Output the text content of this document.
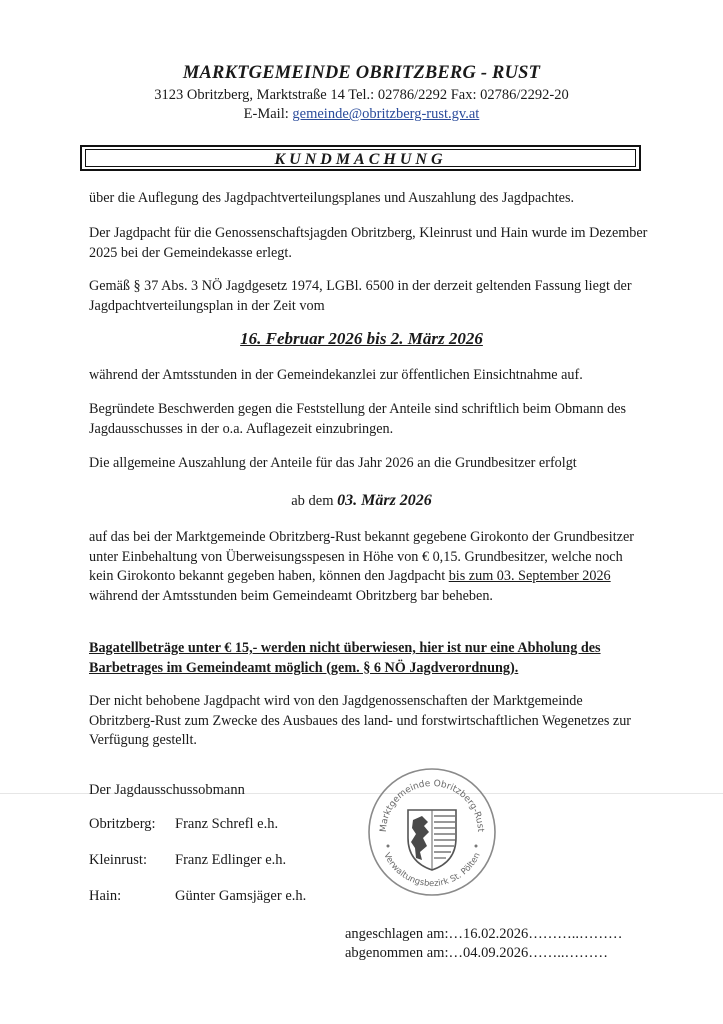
MARKTGEMEINDE OBRITZBERG - RUST
3123 Obritzberg, Marktstraße 14 Tel.: 02786/2292 Fax: 02786/2292-20
E-Mail: gemeinde@obritzberg-rust.gv.at
KUNDMACHUNG
über die Auflegung des Jagdpachtverteilungsplanes und Auszahlung des Jagdpachtes.
Der Jagdpacht für die Genossenschaftsjagden Obritzberg, Kleinrust und Hain wurde im Dezember 2025 bei der Gemeindekasse erlegt.
Gemäß § 37 Abs. 3 NÖ Jagdgesetz 1974, LGBl. 6500 in der derzeit geltenden Fassung liegt der Jagdpachtverteilungsplan in der Zeit vom
16. Februar 2026 bis 2. März 2026
während der Amtsstunden in der Gemeindekanzlei zur öffentlichen Einsichtnahme auf.
Begründete Beschwerden gegen die Feststellung der Anteile sind schriftlich beim Obmann des Jagdausschusses in der o.a. Auflagezeit einzubringen.
Die allgemeine Auszahlung der Anteile für das Jahr 2026 an die Grundbesitzer erfolgt
ab dem 03. März 2026
auf das bei der Marktgemeinde Obritzberg-Rust bekannt gegebene Girokonto der Grundbesitzer unter Einbehaltung von Überweisungsspesen in Höhe von € 0,15. Grundbesitzer, welche noch kein Girokonto bekannt gegeben haben, können den Jagdpacht bis zum 03. September 2026 während der Amtsstunden beim Gemeindeamt Obritzberg bar beheben.
Bagatellbeträge unter € 15,- werden nicht überwiesen, hier ist nur eine Abholung des Barbetrages im Gemeindeamt möglich (gem. § 6 NÖ Jagdverordnung).
Der nicht behobene Jagdpacht wird von den Jagdgenossenschaften der Marktgemeinde Obritzberg-Rust zum Zwecke des Ausbaues des land- und forstwirtschaftlichen Wegenetzes zur Verfügung gestellt.
Der Jagdausschussobmann
Obritzberg: Franz Schrefl e.h.
Kleinrust: Franz Edlinger e.h.
Hain:	Günter Gamsjäger e.h.
Marktgemeinde Obritzberg-Rust
Verwaltungsbezirk St. Pölten
angeschlagen am:…16.02.2026………..………
abgenommen am:…04.09.2026……..………
